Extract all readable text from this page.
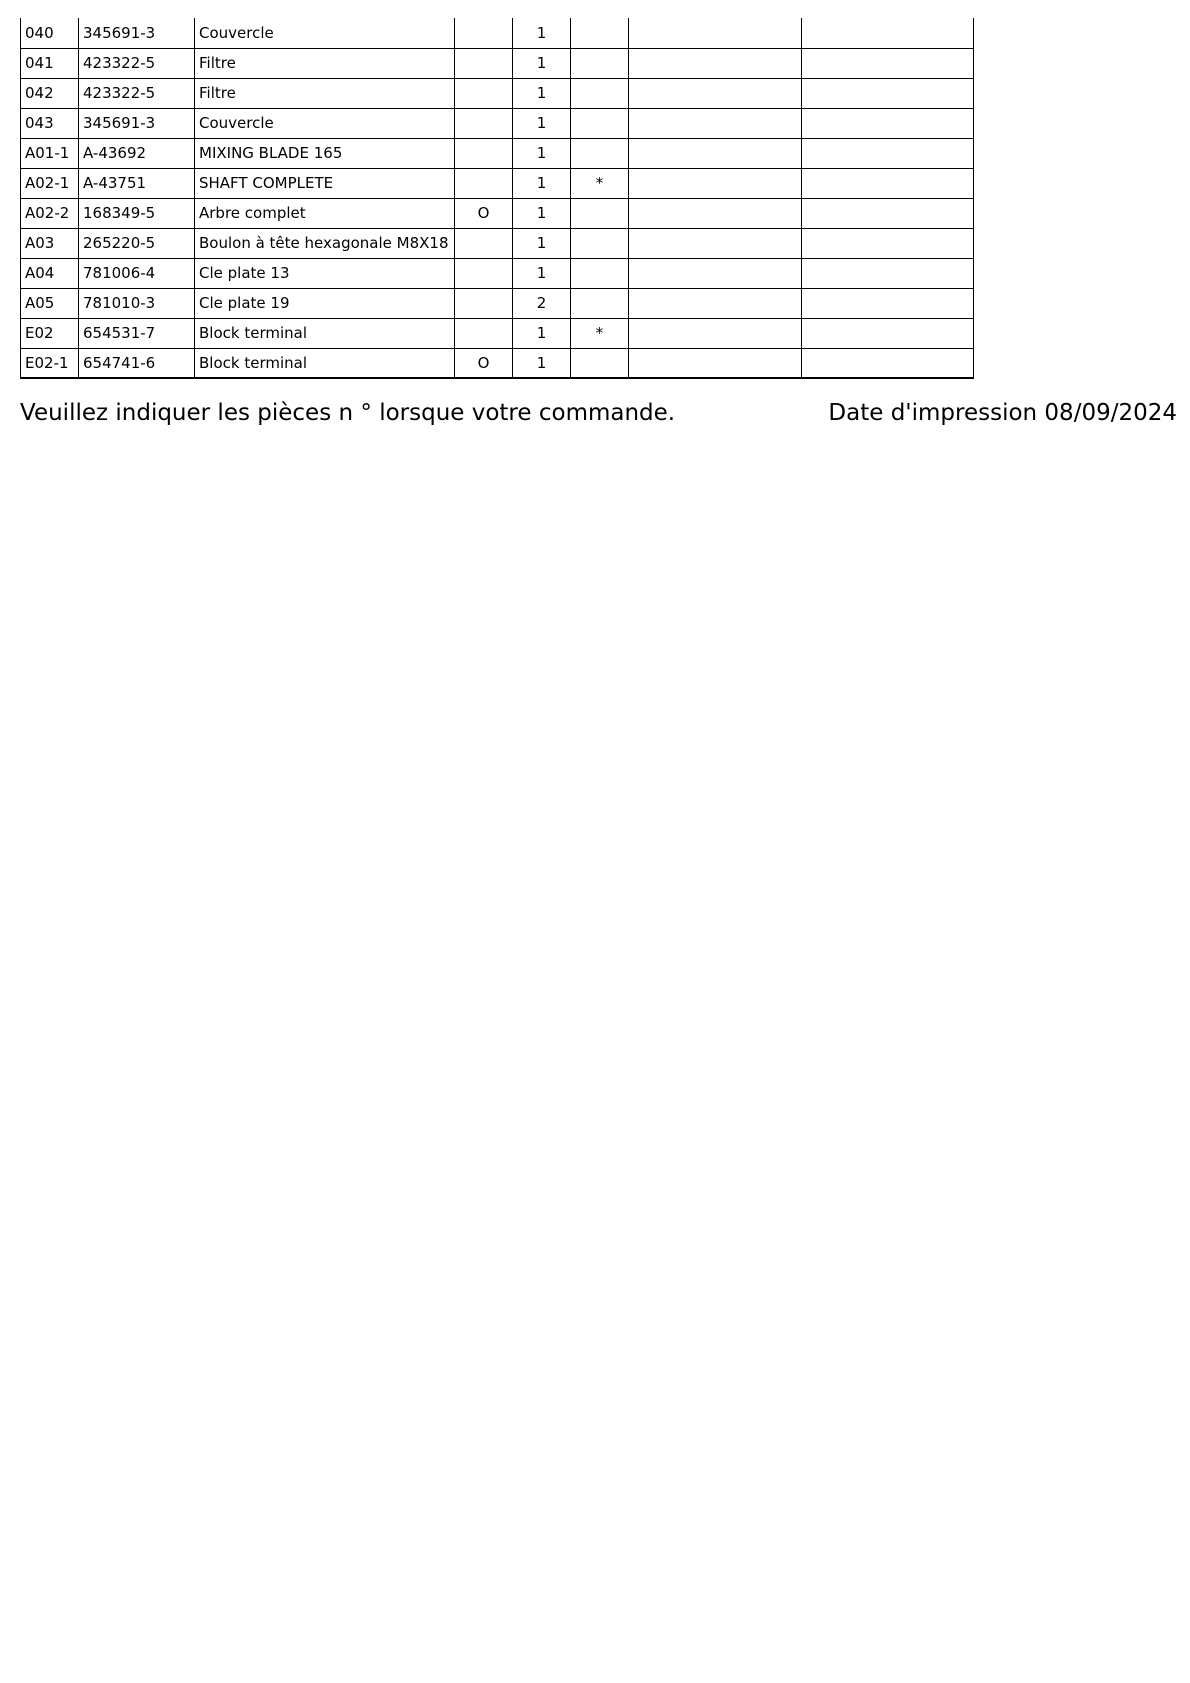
040	345691-3	Couvercle		1			
041	423322-5	Filtre		1			
042	423322-5	Filtre		1			
043	345691-3	Couvercle		1			
A01-1	A-43692	MIXING BLADE 165		1			
A02-1	A-43751	SHAFT COMPLETE		1	*		
A02-2	168349-5	Arbre complet	O	1			
A03	265220-5	Boulon à tête hexagonale M8X18		1			
A04	781006-4	Cle plate 13		1			
A05	781010-3	Cle plate 19		2			
E02	654531-7	Block terminal		1	*		
E02-1	654741-6	Block terminal	O	1			
Veuillez indiquer les pièces n ° lorsque votre commande.	Date d'impression 08/09/2024
